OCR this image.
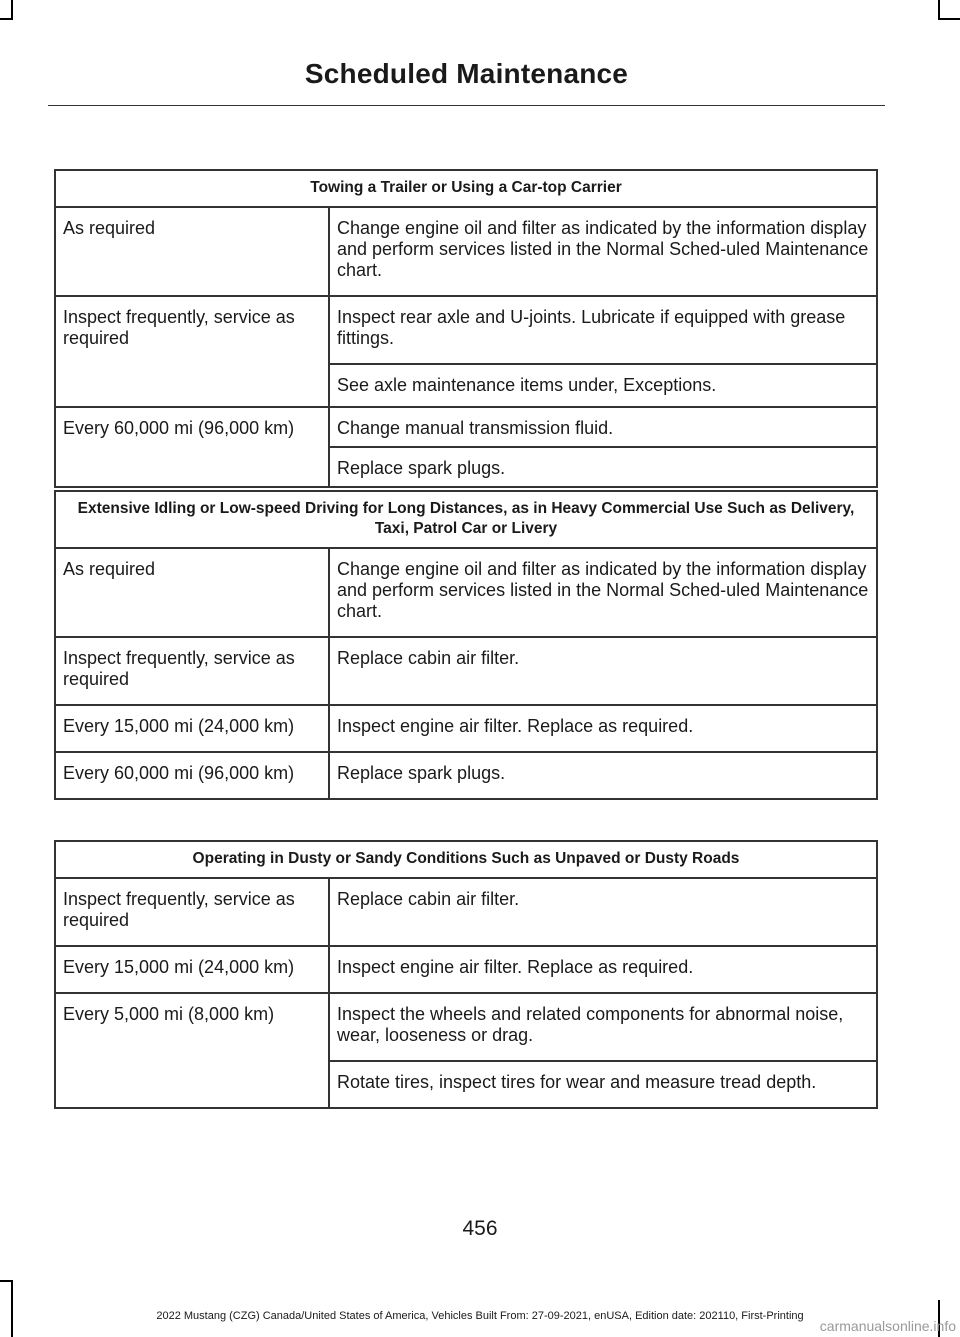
Scheduled Maintenance
Towing a Trailer or Using a Car-top Carrier	
As required	Change engine oil and filter as indicated by the information display and perform services listed in the Normal Sched-uled Maintenance chart.
Inspect frequently, service as required	Inspect rear axle and U-joints. Lubricate if equipped with grease fittings.
	See axle maintenance items under, Exceptions.
Every 60,000 mi (96,000 km)	Change manual transmission fluid.
	Replace spark plugs.
Extensive Idling or Low-speed Driving for Long Distances, as in Heavy Commercial Use Such as Delivery, Taxi, Patrol Car or Livery	
As required	Change engine oil and filter as indicated by the information display and perform services listed in the Normal Sched-uled Maintenance chart.
Inspect frequently, service as required	Replace cabin air filter.
Every 15,000 mi (24,000 km)	Inspect engine air filter. Replace as required.
Every 60,000 mi (96,000 km)	Replace spark plugs.
Operating in Dusty or Sandy Conditions Such as Unpaved or Dusty Roads	
Inspect frequently, service as required	Replace cabin air filter.
Every 15,000 mi (24,000 km)	Inspect engine air filter. Replace as required.
Every 5,000 mi (8,000 km)	Inspect the wheels and related components for abnormal noise, wear, looseness or drag.
	Rotate tires, inspect tires for wear and measure tread depth.
456
2022 Mustang (CZG) Canada/United States of America, Vehicles Built From: 27-09-2021, enUSA, Edition date: 202110, First-Printing
carmanualsonline.info
